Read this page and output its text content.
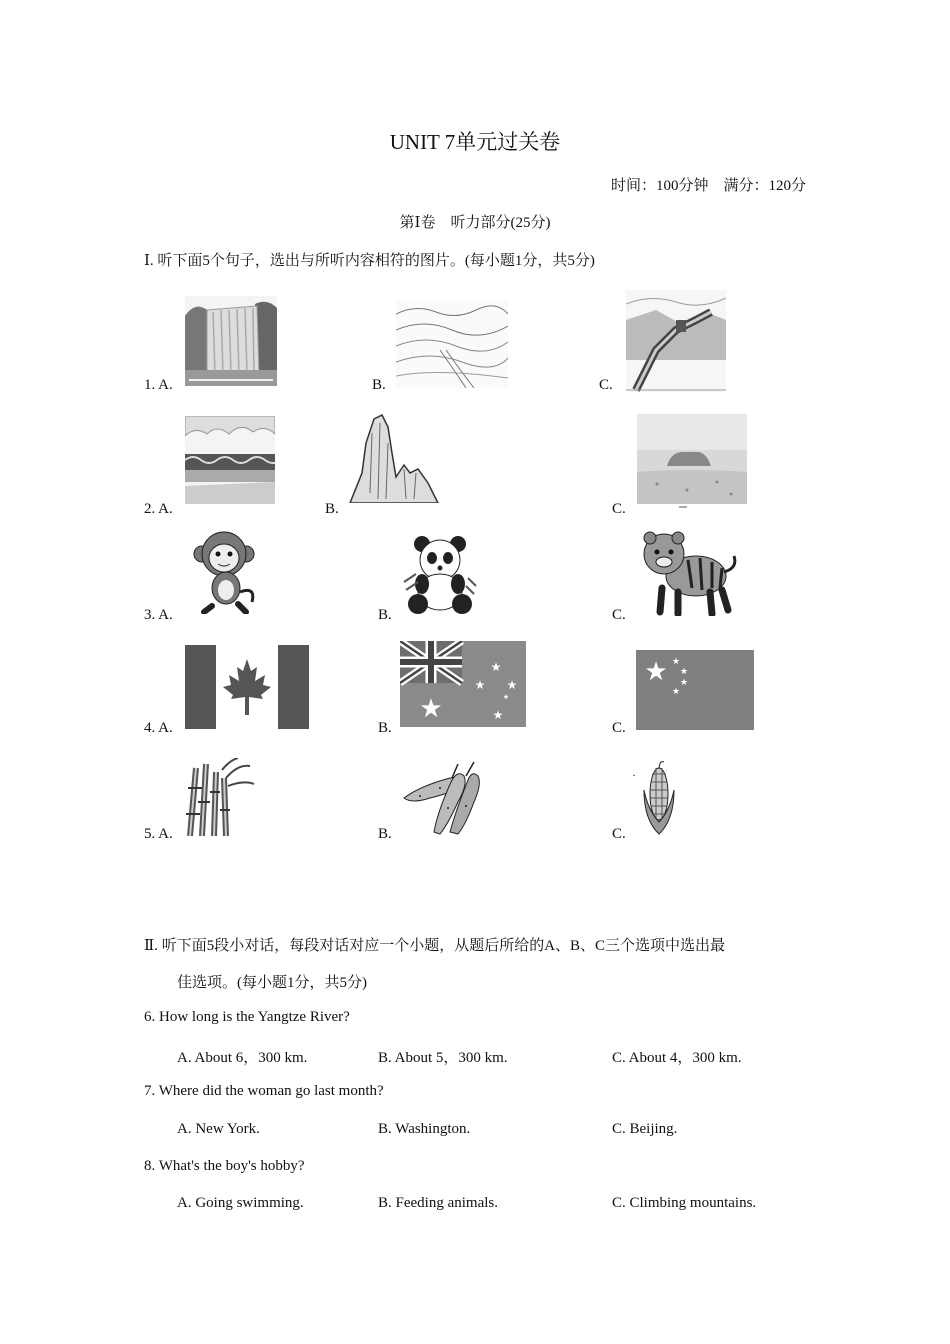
UNIT 7单元过关卷
时间：100分钟　满分：120分
第Ⅰ卷　听力部分(25分)
Ⅰ. 听下面5个句子，选出与所听内容相符的图片。(每小题1分，共5分)
1. A.	B.	C.
2. A.	B.	C.
3. A.	B.	C.
4. A.	B.	C.
★
★
★ ★
★
★
★ ★
★
★
★
5. A.	B.	C.
·
Ⅱ. 听下面5段小对话，每段对话对应一个小题，从题后所给的A、B、C三个选项中选出最
佳选项。(每小题1分，共5分)
6. How long is the Yangtze River?
A. About 6，300 km.	B. About 5，300 km.	C. About 4，300 km.
7. Where did the woman go last month?
A. New York.	B. Washington.	C. Beijing.
8. What's the boy's hobby?
A. Going swimming.	B. Feeding animals.	C. Climbing mountains.
